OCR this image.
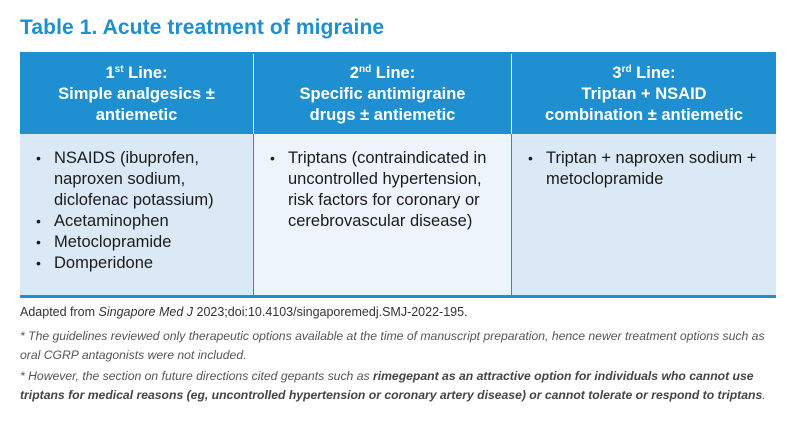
Table 1. Acute treatment of migraine
1st Line:
Simple analgesics ±
antiemetic
2nd Line:
Specific antimigraine
drugs ± antiemetic
3rd Line:
Triptan + NSAID
combination ± antiemetic
• NSAIDS (ibuprofen, naproxen sodium, diclofenac potassium)
• Acetaminophen
• Metoclopramide
• Domperidone
• Triptans (contraindicated in uncontrolled hypertension, risk factors for coronary or cerebrovascular disease)
• Triptan + naproxen sodium + metoclopramide
Adapted from Singapore Med J 2023;doi:10.4103/singaporemedj.SMJ-2022-195.
* The guidelines reviewed only therapeutic options available at the time of manuscript preparation, hence newer treatment options such as oral CGRP antagonists were not included.
* However, the section on future directions cited gepants such as rimegepant as an attractive option for individuals who cannot use triptans for medical reasons (eg, uncontrolled hypertension or coronary artery disease) or cannot tolerate or respond to triptans.
